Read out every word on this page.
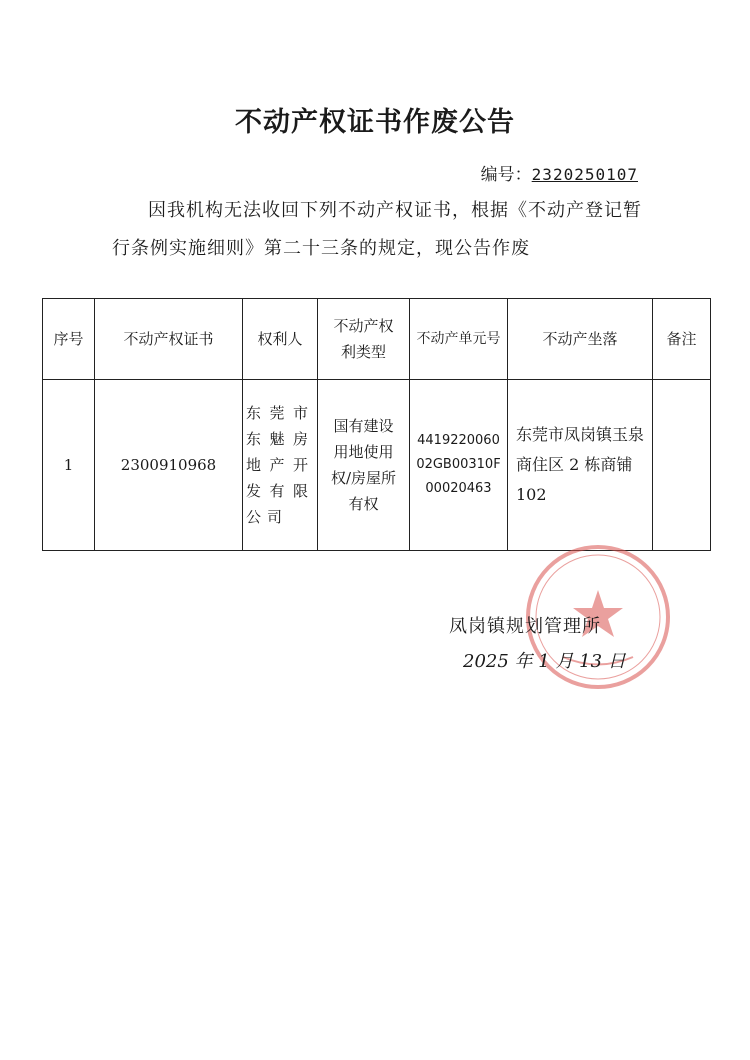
不动产权证书作废公告
编号：2320250107
因我机构无法收回下列不动产权证书，根据《不动产登记暂行条例实施细则》第二十三条的规定，现公告作废
序号	不动产权证书	权利人	不动产权利类型	不动产单元号	不动产坐落	备注
1	2300910968	东莞市东魅房地产开发有限公司	国有建设用地使用权/房屋所有权	441922006002GB00310F00020463	东莞市凤岗镇玉泉商住区 2 栋商铺 102	

凤岗镇规划管理所
2025 年 1 月 13 日
